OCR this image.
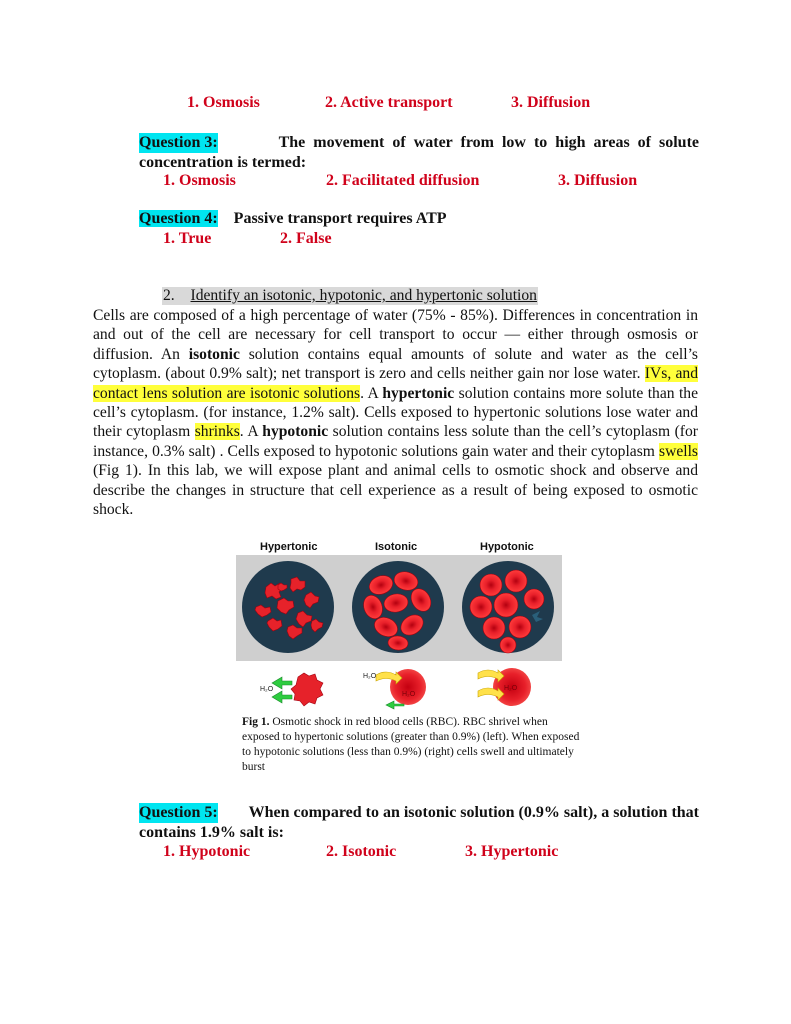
1. Osmosis	2. Active transport	3. Diffusion
Question 3:	The movement of water from low to high areas of solute
concentration is termed:
1. Osmosis	2. Facilitated diffusion	3. Diffusion
Question 4: Passive transport requires ATP
1. True	2. False
2. Identify an isotonic, hypotonic, and hypertonic solution
Cells are composed of a high percentage of water (75% - 85%). Differences in concentration in and out of the cell are necessary for cell transport to occur — either through osmosis or diffusion. An isotonic solution contains equal amounts of solute and water as the cell’s cytoplasm. (about 0.9% salt); net transport is zero and cells neither gain nor lose water. IVs, and contact lens solution are isotonic solutions. A hypertonic solution contains more solute than the cell’s cytoplasm. (for instance, 1.2% salt). Cells exposed to hypertonic solutions lose water and their cytoplasm shrinks. A hypotonic solution contains less solute than the cell’s cytoplasm (for instance, 0.3% salt) . Cells exposed to hypotonic solutions gain water and their cytoplasm swells (Fig 1). In this lab, we will expose plant and animal cells to osmotic shock and observe and describe the changes in structure that cell experience as a result of being exposed to osmotic shock.
Hypertonic	Isotonic	Hypotonic
H₂O
H₂O
H₂O
H₂O
Fig 1. Osmotic shock in red blood cells (RBC). RBC shrivel when exposed to hypertonic solutions (greater than 0.9%) (left). When exposed to hypotonic solutions (less than 0.9%) (right) cells swell and ultimately burst
Question 5: When compared to an isotonic solution (0.9% salt), a solution that
contains 1.9% salt is:
1. Hypotonic	2. Isotonic	3. Hypertonic
